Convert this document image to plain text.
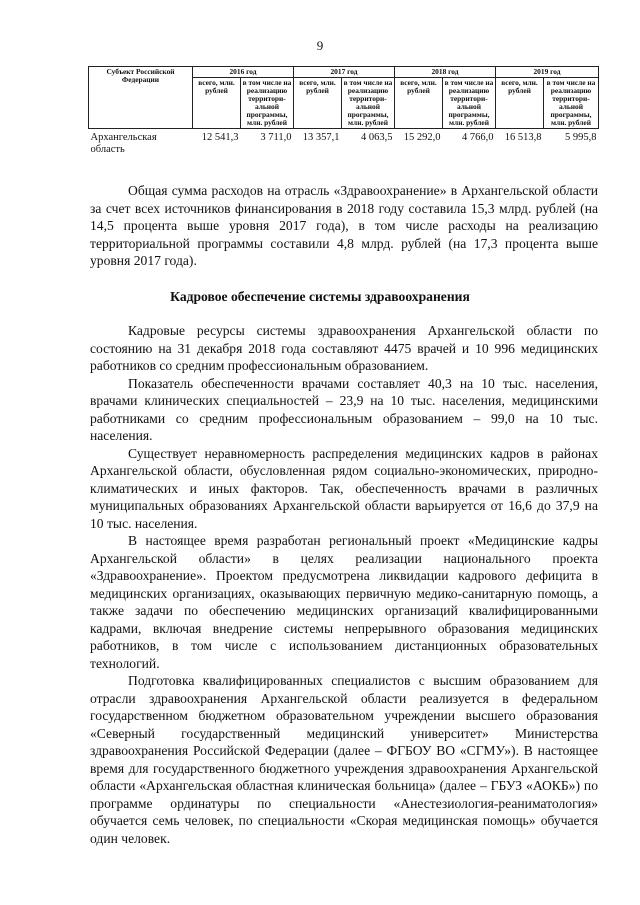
9
Субъект Российской Федерации	2016 год		2017 год		2018 год		2019 год	
	всего, млн. рублей	в том числе на реализацию территори-альной программы, млн. рублей	всего, млн. рублей	в том числе на реализацию территори-альной программы, млн. рублей	всего, млн. рублей	в том числе на реализацию территори-альной программы, млн. рублей	всего, млн. рублей	в том числе на реализацию территори-альной программы, млн. рублей
Архангельская область	12 541,3	3 711,0	13 357,1	4 063,5	15 292,0	4 766,0	16 513,8	5 995,8

Общая сумма расходов на отрасль «Здравоохранение» в Архангельской области за счет всех источников финансирования в 2018 году составила 15,3 млрд. рублей (на 14,5 процента выше уровня 2017 года), в том числе расходы на реализацию территориальной программы составили 4,8 млрд. рублей (на 17,3 процента выше уровня 2017 года).

Кадровое обеспечение системы здравоохранения

Кадровые ресурсы системы здравоохранения Архангельской области по состоянию на 31 декабря 2018 года составляют 4475 врачей и 10 996 медицинских работников со средним профессиональным образованием.

Показатель обеспеченности врачами составляет 40,3 на 10 тыс. населения, врачами клинических специальностей – 23,9 на 10 тыс. населения, медицинскими работниками со средним профессиональным образованием – 99,0 на 10 тыс. населения.

Существует неравномерность распределения медицинских кадров в районах Архангельской области, обусловленная рядом социально-экономических, природно-климатических и иных факторов. Так, обеспеченность врачами в различных муниципальных образованиях Архангельской области варьируется от 16,6 до 37,9 на 10 тыс. населения.

В настоящее время разработан региональный проект «Медицинские кадры Архангельской области» в целях реализации национального проекта «Здравоохранение». Проектом предусмотрена ликвидации кадрового дефицита в медицинских организациях, оказывающих первичную медико-санитарную помощь, а также задачи по обеспечению медицинских организаций квалифицированными кадрами, включая внедрение системы непрерывного образования медицинских работников, в том числе с использованием дистанционных образовательных технологий.

Подготовка квалифицированных специалистов с высшим образованием для отрасли здравоохранения Архангельской области реализуется в федеральном государственном бюджетном образовательном учреждении высшего образования «Северный государственный медицинский университет» Министерства здравоохранения Российской Федерации (далее – ФГБОУ ВО «СГМУ»). В настоящее время для государственного бюджетного учреждения здравоохранения Архангельской области «Архангельская областная клиническая больница» (далее – ГБУЗ «АОКБ») по программе ординатуры по специальности «Анестезиология-реаниматология» обучается семь человек, по специальности «Скорая медицинская помощь» обучается один человек.
